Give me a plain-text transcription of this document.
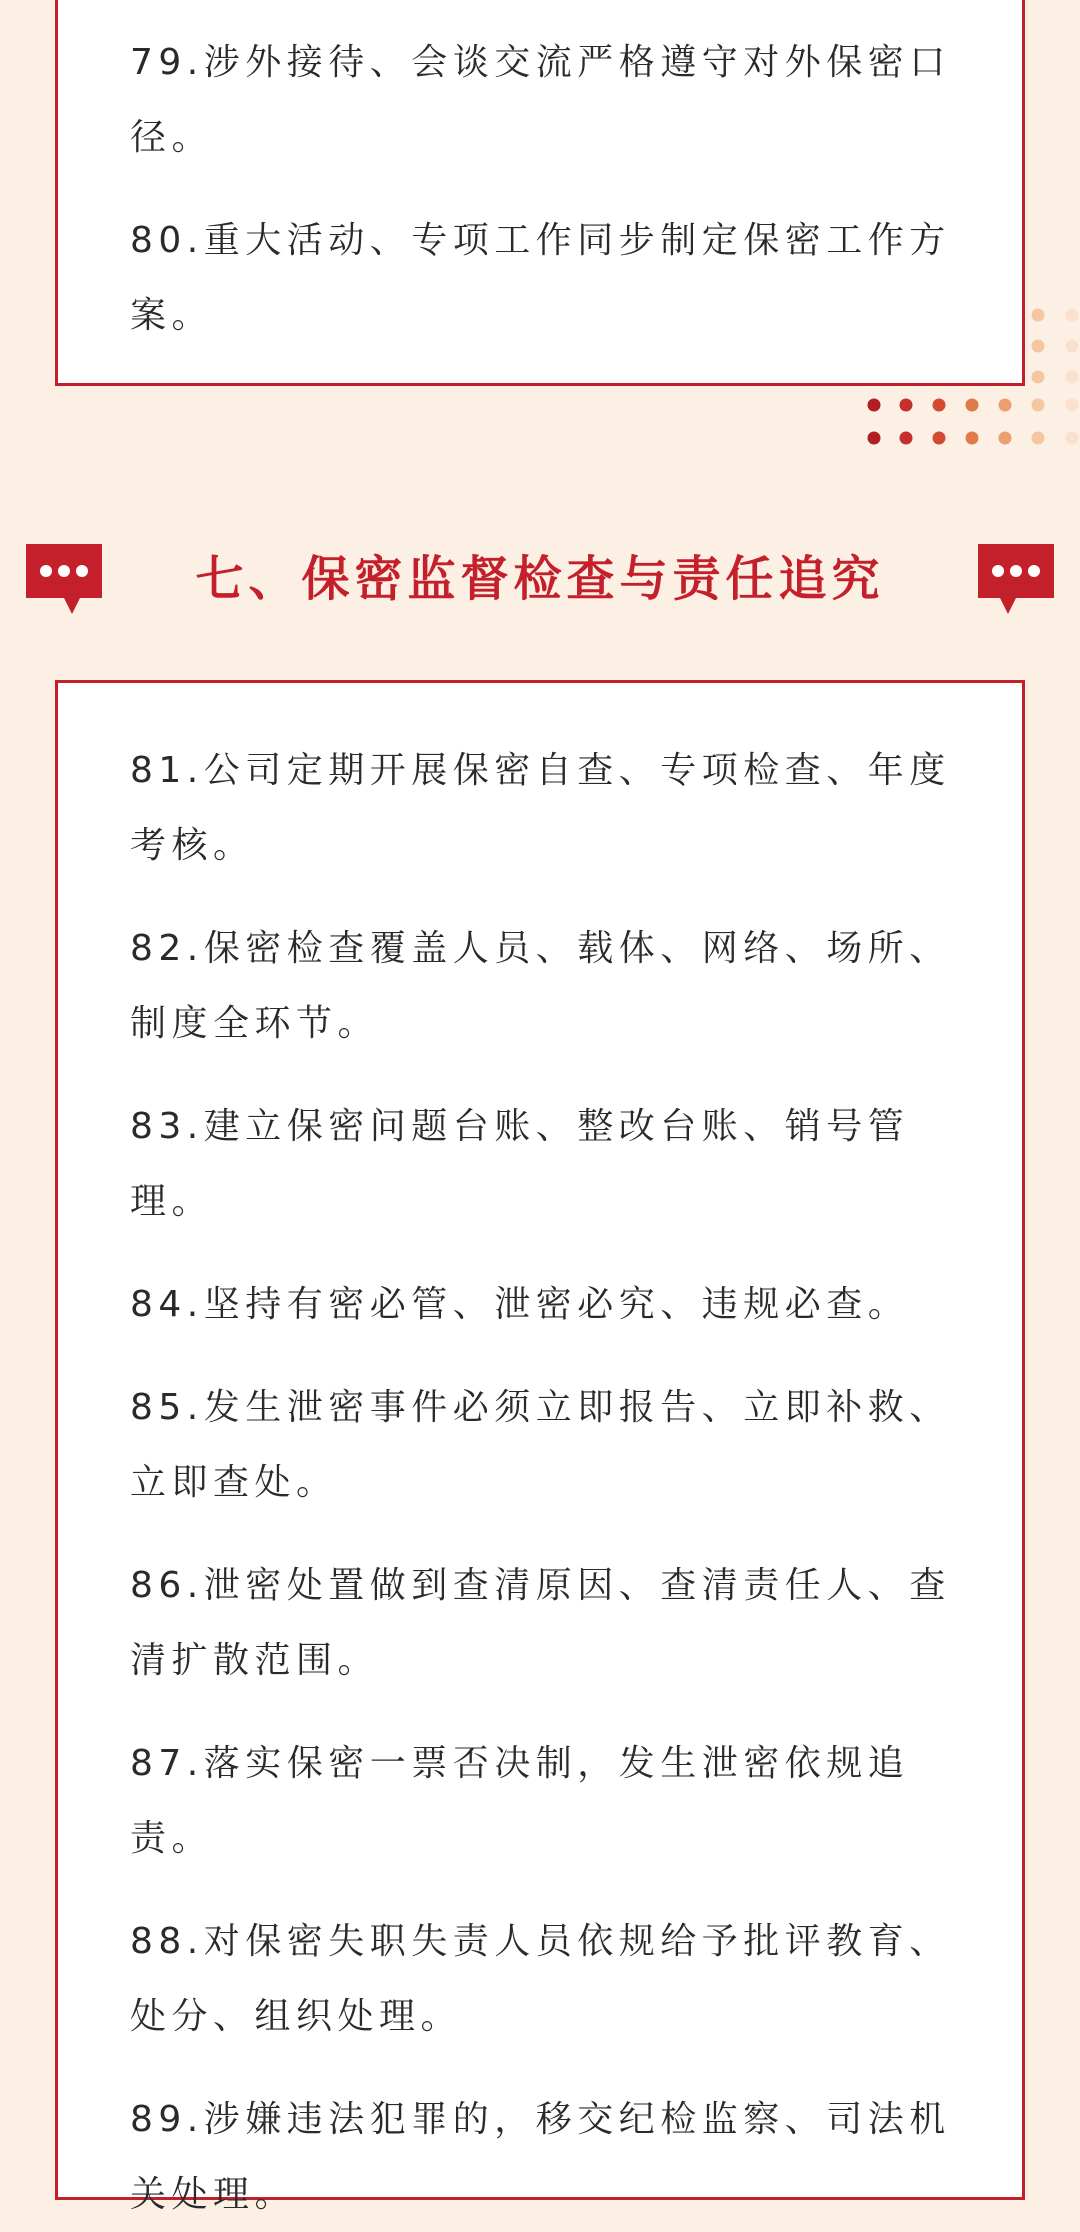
79.涉外接待、会谈交流严格遵守对外保密口径。

80.重大活动、专项工作同步制定保密工作方案。

七、保密监督检查与责任追究

81.公司定期开展保密自查、专项检查、年度考核。

82.保密检查覆盖人员、载体、网络、场所、制度全环节。

83.建立保密问题台账、整改台账、销号管理。

84.坚持有密必管、泄密必究、违规必查。

85.发生泄密事件必须立即报告、立即补救、立即查处。

86.泄密处置做到查清原因、查清责任人、查清扩散范围。

87.落实保密一票否决制，发生泄密依规追责。

88.对保密失职失责人员依规给予批评教育、处分、组织处理。

89.涉嫌违法犯罪的，移交纪检监察、司法机关处理。
